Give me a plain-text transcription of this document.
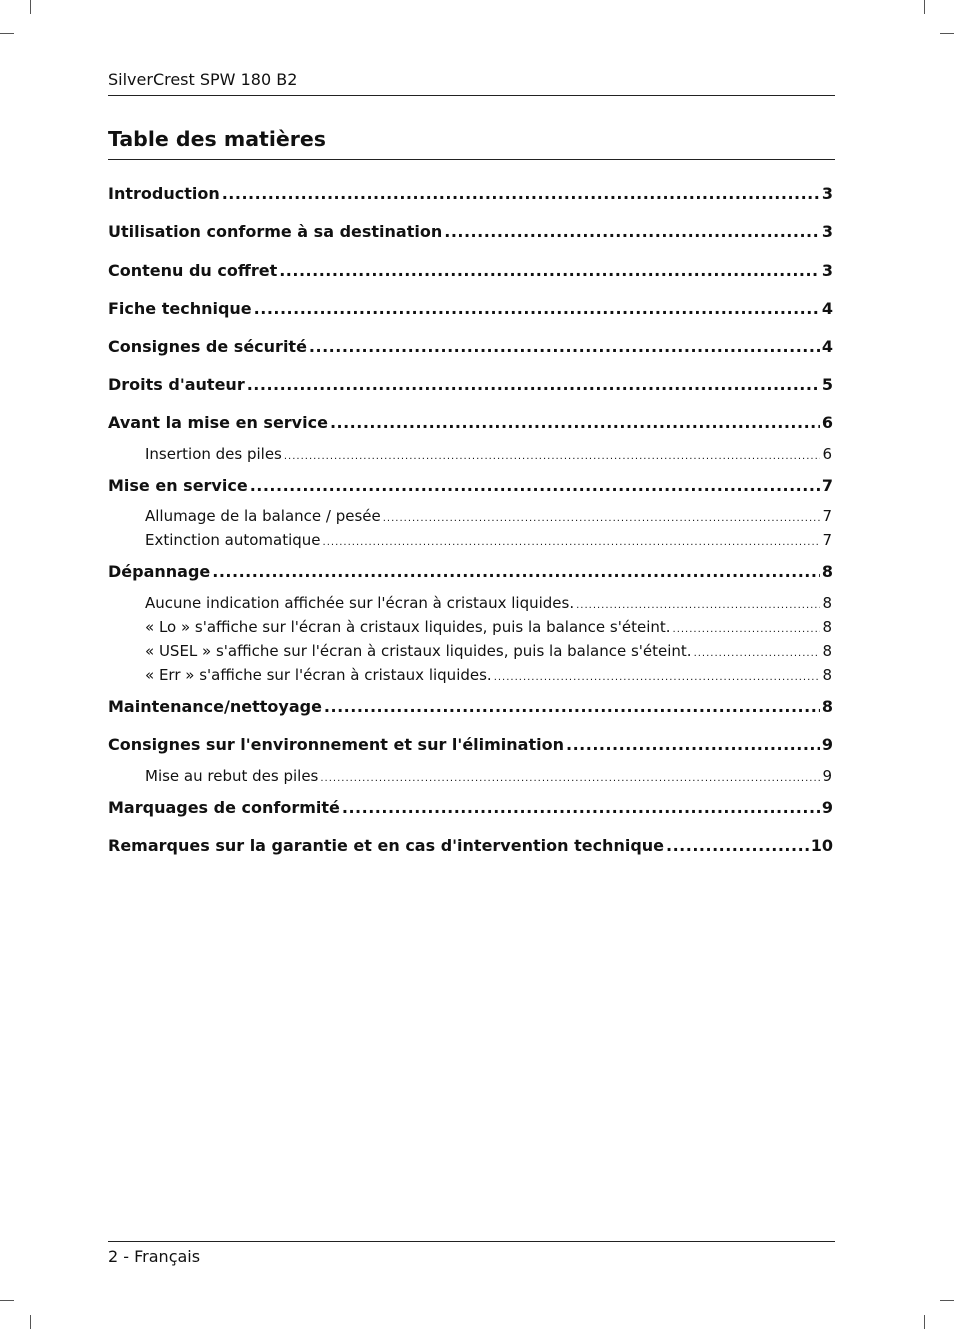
SilverCrest SPW 180 B2
Table des matières
Introduction .....	3
Utilisation conforme à sa destination .....	3
Contenu du coffret .....	3
Fiche technique .....	4
Consignes de sécurité .....	4
Droits d'auteur .....	5
Avant la mise en service .....	6
Insertion des piles .....	6
Mise en service .....	7
Allumage de la balance / pesée .....	7
Extinction automatique .....	7
Dépannage .....	8
Aucune indication affichée sur l'écran à cristaux liquides. .....	8
« Lo » s'affiche sur l'écran à cristaux liquides, puis la balance s'éteint. .....	8
« USEL » s'affiche sur l'écran à cristaux liquides, puis la balance s'éteint. .....	8
« Err » s'affiche sur l'écran à cristaux liquides. .....	8
Maintenance/nettoyage .....	8
Consignes sur l'environnement et sur l'élimination .....	9
Mise au rebut des piles .....	9
Marquages de conformité .....	9
Remarques sur la garantie et en cas d'intervention technique .....	10
2 - Français
